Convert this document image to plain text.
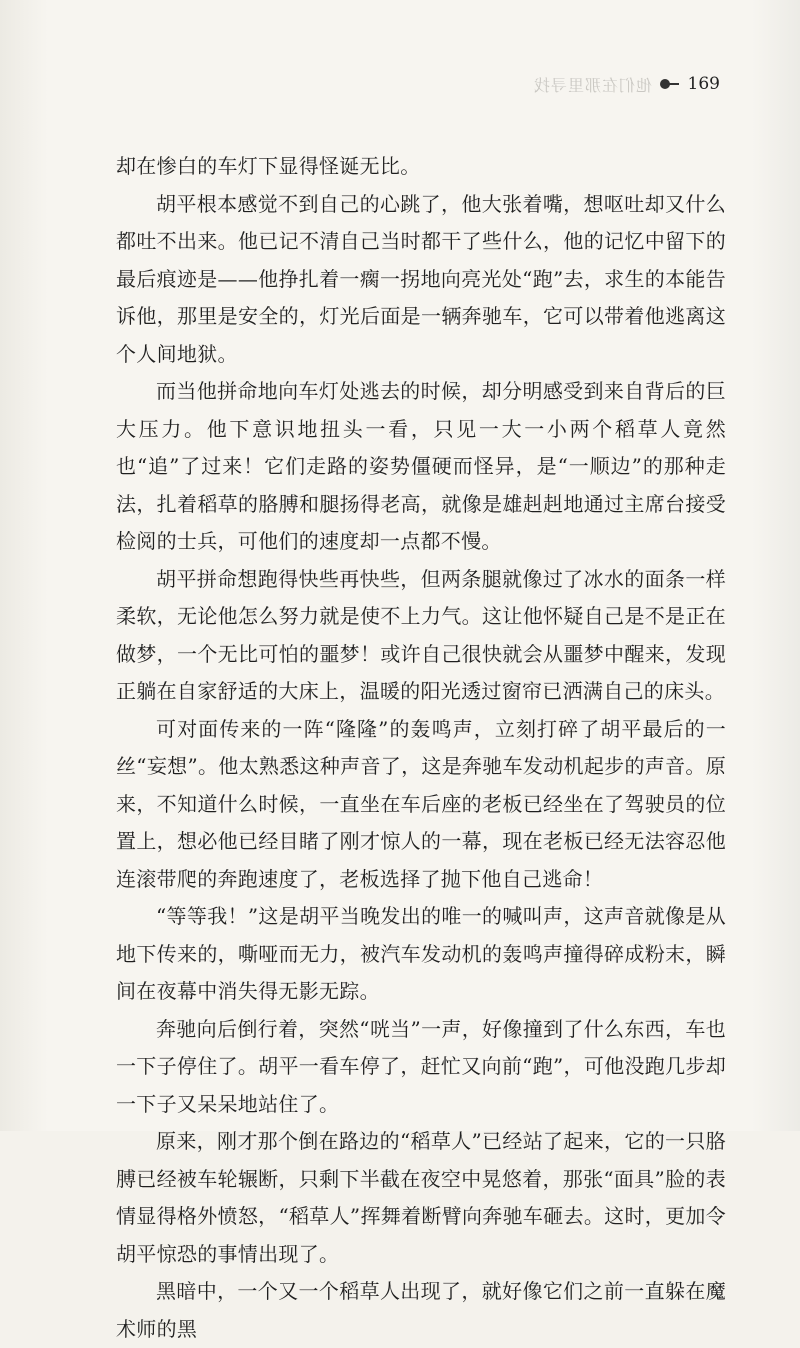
他们在那里寻找 169

却在惨白的车灯下显得怪诞无比。

胡平根本感觉不到自己的心跳了，他大张着嘴，想呕吐却又什么都吐不出来。他已记不清自己当时都干了些什么，他的记忆中留下的最后痕迹是——他挣扎着一瘸一拐地向亮光处“跑”去，求生的本能告诉他，那里是安全的，灯光后面是一辆奔驰车，它可以带着他逃离这个人间地狱。

而当他拼命地向车灯处逃去的时候，却分明感受到来自背后的巨大压力。他下意识地扭头一看，只见一大一小两个稻草人竟然也“追”了过来！它们走路的姿势僵硬而怪异，是“一顺边”的那种走法，扎着稻草的胳膊和腿扬得老高，就像是雄赳赳地通过主席台接受检阅的士兵，可他们的速度却一点都不慢。

胡平拼命想跑得快些再快些，但两条腿就像过了冰水的面条一样柔软，无论他怎么努力就是使不上力气。这让他怀疑自己是不是正在做梦，一个无比可怕的噩梦！或许自己很快就会从噩梦中醒来，发现正躺在自家舒适的大床上，温暖的阳光透过窗帘已洒满自己的床头。

可对面传来的一阵“隆隆”的轰鸣声，立刻打碎了胡平最后的一丝“妄想”。他太熟悉这种声音了，这是奔驰车发动机起步的声音。原来，不知道什么时候，一直坐在车后座的老板已经坐在了驾驶员的位置上，想必他已经目睹了刚才惊人的一幕，现在老板已经无法容忍他连滚带爬的奔跑速度了，老板选择了抛下他自己逃命！

“等等我！”这是胡平当晚发出的唯一的喊叫声，这声音就像是从地下传来的，嘶哑而无力，被汽车发动机的轰鸣声撞得碎成粉末，瞬间在夜幕中消失得无影无踪。

奔驰向后倒行着，突然“咣当”一声，好像撞到了什么东西，车也一下子停住了。胡平一看车停了，赶忙又向前“跑”，可他没跑几步却一下子又呆呆地站住了。

原来，刚才那个倒在路边的“稻草人”已经站了起来，它的一只胳膊已经被车轮辗断，只剩下半截在夜空中晃悠着，那张“面具”脸的表情显得格外愤怒，“稻草人”挥舞着断臂向奔驰车砸去。这时，更加令胡平惊恐的事情出现了。

黑暗中，一个又一个稻草人出现了，就好像它们之前一直躲在魔术师的黑
